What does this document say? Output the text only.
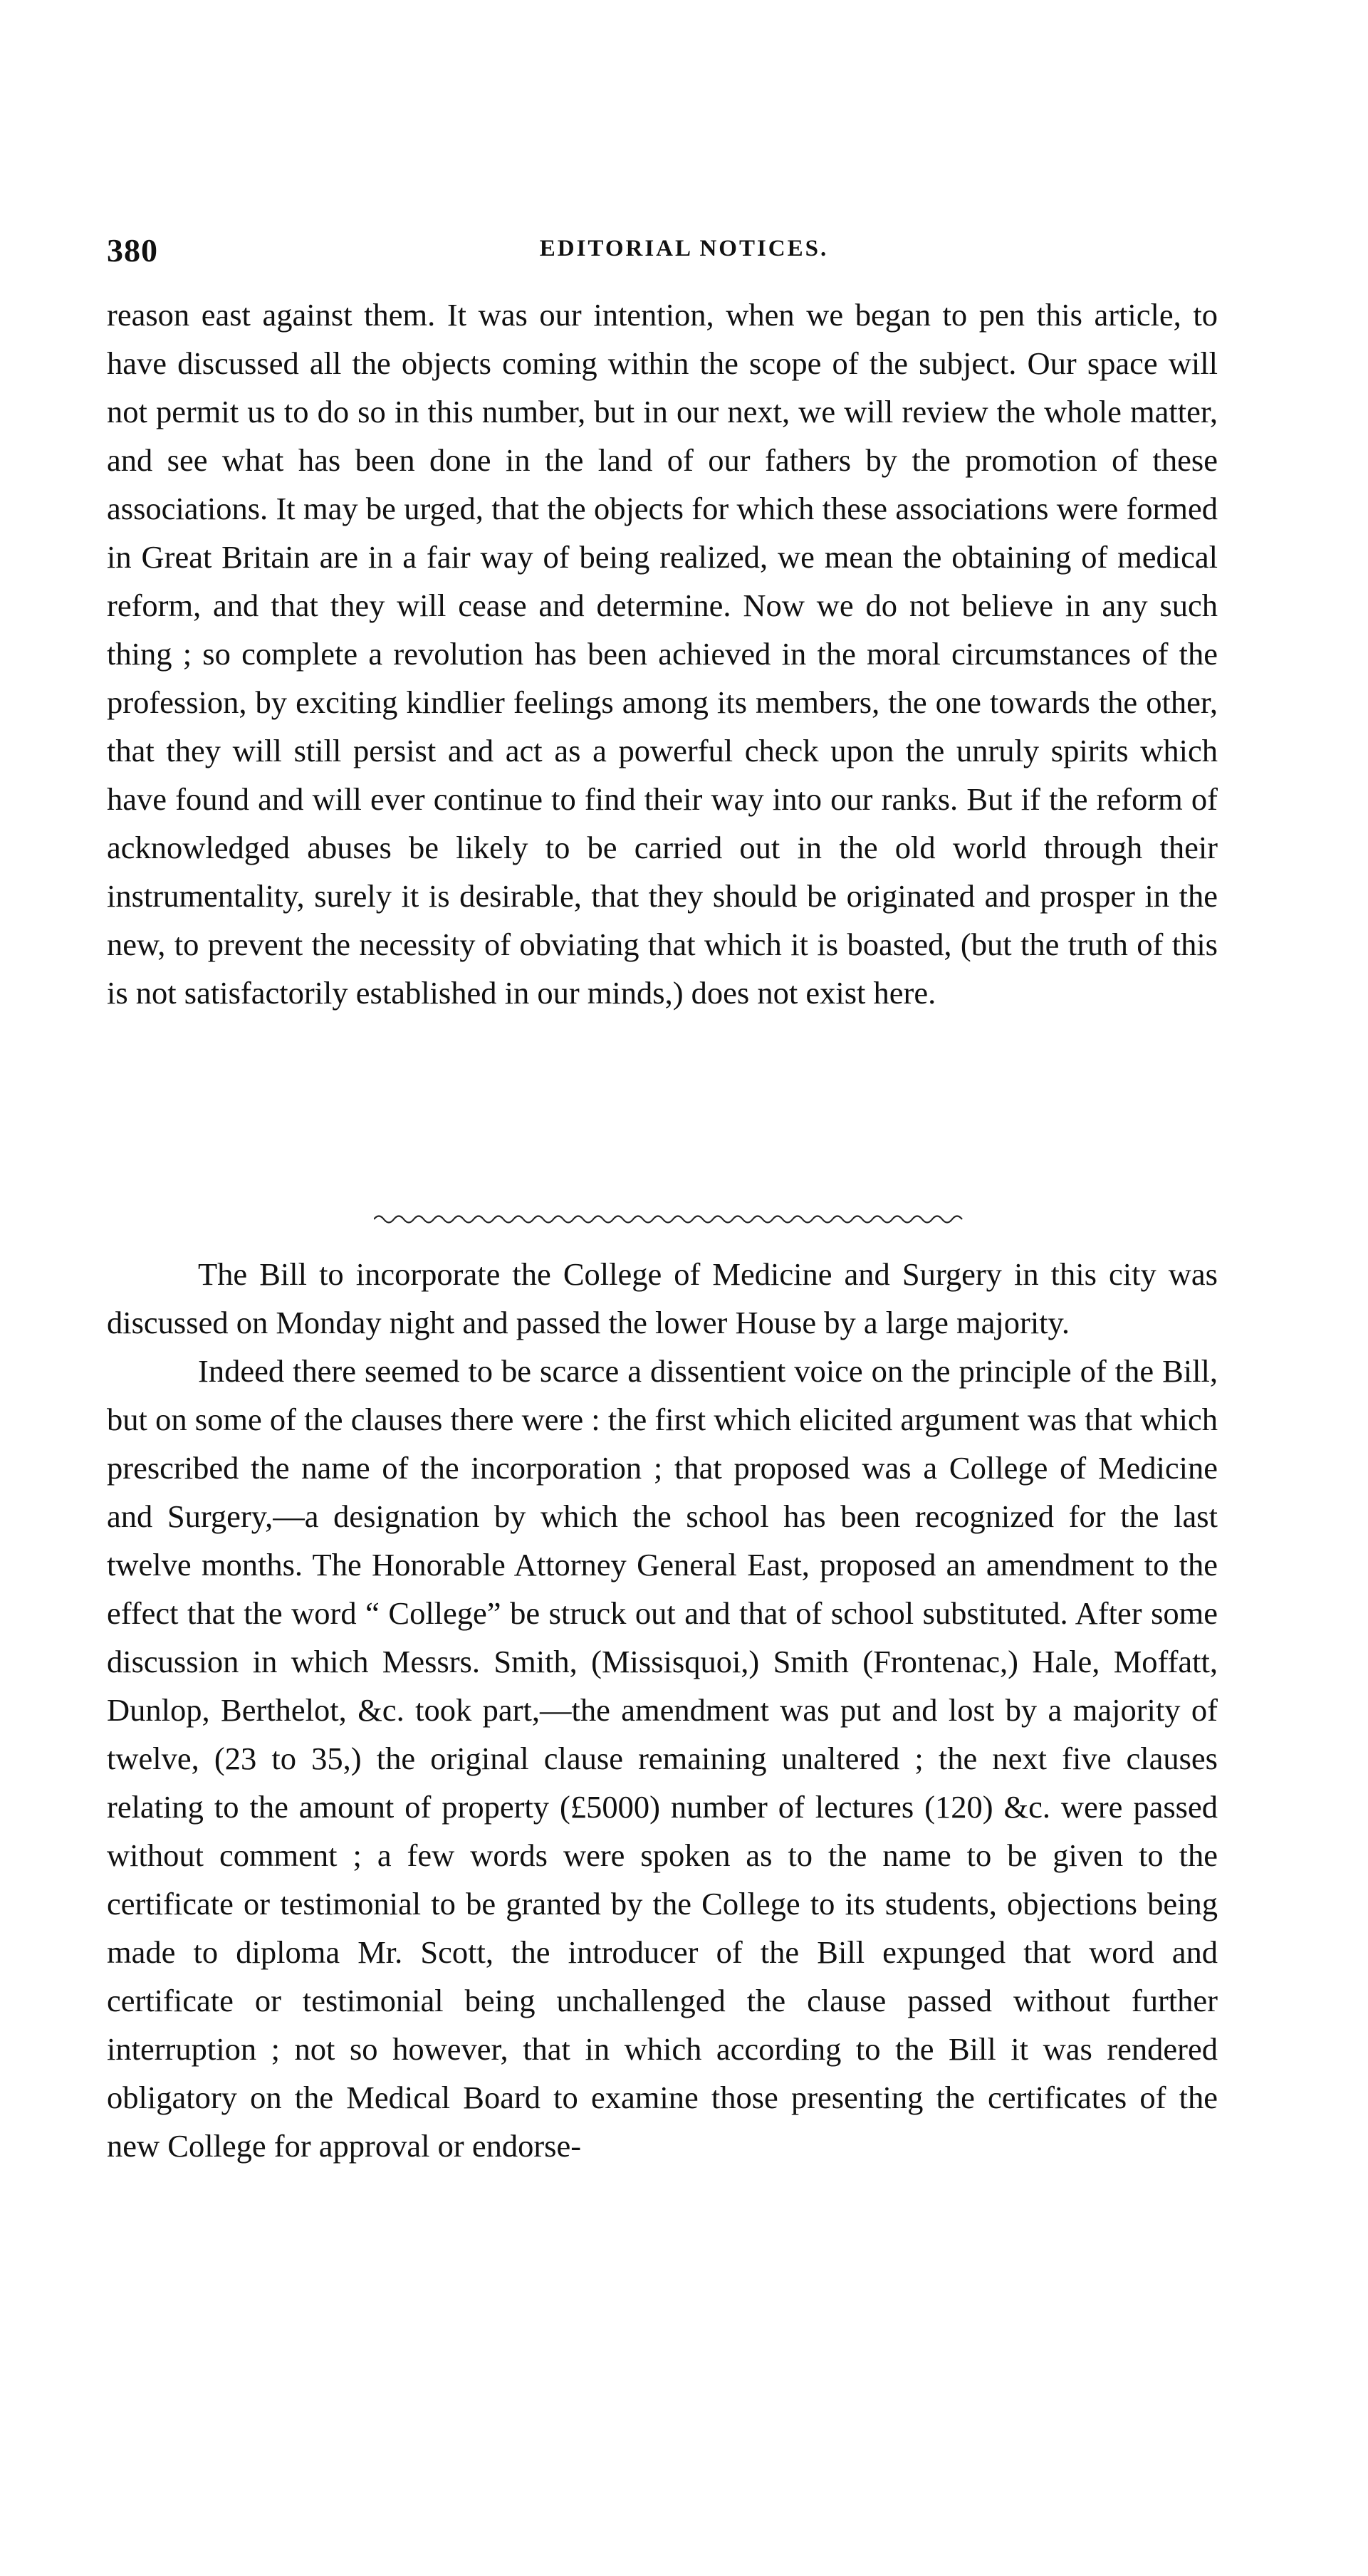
380	EDITORIAL NOTICES.

reason east against them. It was our intention, when we began to pen this article, to have discussed all the objects coming within the scope of the subject. Our space will not permit us to do so in this number, but in our next, we will review the whole matter, and see what has been done in the land of our fathers by the promotion of these associations. It may be urged, that the objects for which these associations were formed in Great Britain are in a fair way of being realized, we mean the obtaining of medical reform, and that they will cease and determine. Now we do not believe in any such thing ; so complete a revolution has been achieved in the moral circumstances of the profession, by exciting kindlier feelings among its members, the one towards the other, that they will still persist and act as a powerful check upon the unruly spirits which have found and will ever continue to find their way into our ranks. But if the reform of acknowledged abuses be likely to be carried out in the old world through their instrumentality, surely it is desirable, that they should be originated and prosper in the new, to prevent the necessity of obviating that which it is boasted, (but the truth of this is not satisfactorily established in our minds,) does not exist here.

The Bill to incorporate the College of Medicine and Surgery in this city was discussed on Monday night and passed the lower House by a large majority.

Indeed there seemed to be scarce a dissentient voice on the principle of the Bill, but on some of the clauses there were : the first which elicited argument was that which prescribed the name of the incorporation ; that proposed was a College of Medicine and Surgery,—a designation by which the school has been recognized for the last twelve months. The Honorable Attorney General East, proposed an amendment to the effect that the word “ College” be struck out and that of school substituted. After some discussion in which Messrs. Smith, (Missisquoi,) Smith (Frontenac,) Hale, Moffatt, Dunlop, Berthelot, &c. took part,—the amendment was put and lost by a majority of twelve, (23 to 35,) the original clause remaining unaltered ; the next five clauses relating to the amount of property (£5000) number of lectures (120) &c. were passed without comment ; a few words were spoken as to the name to be given to the certificate or testimonial to be granted by the College to its students, objections being made to diploma Mr. Scott, the introducer of the Bill expunged that word and certificate or testimonial being unchallenged the clause passed without further interruption ; not so however, that in which according to the Bill it was rendered obligatory on the Medical Board to examine those presenting the certificates of the new College for approval or endorse-
